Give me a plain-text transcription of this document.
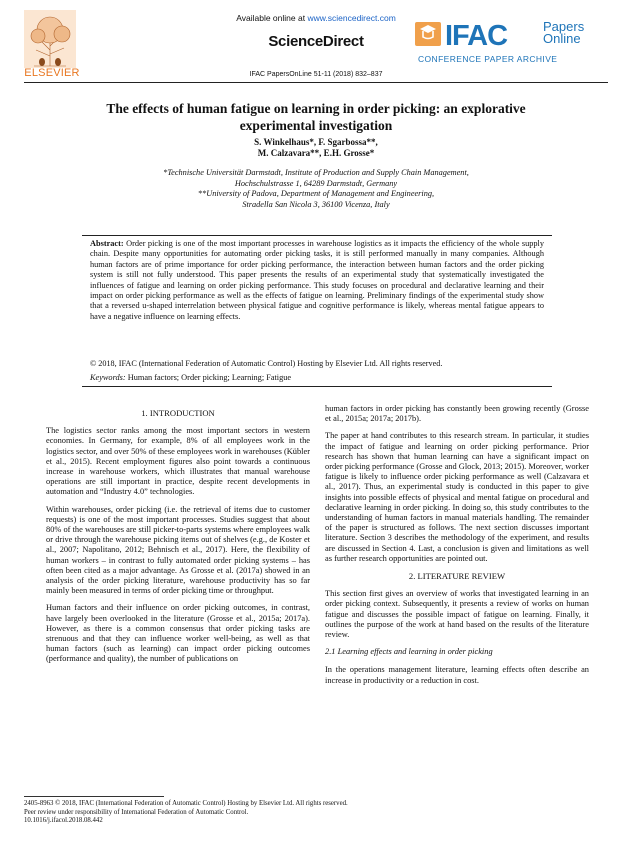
ELSEVIER
Available online at www.sciencedirect.com
ScienceDirect
IFAC PapersOnLine 51-11 (2018) 832–837
IFAC	Papers
Online
CONFERENCE PAPER ARCHIVE
The effects of human fatigue on learning in order picking: an explorative
experimental investigation
S. Winkelhaus*, F. Sgarbossa**,
M. Calzavara**, E.H. Grosse*
*Technische Universität Darmstadt, Institute of Production and Supply Chain Management,
Hochschulstrasse 1, 64289 Darmstadt, Germany
**University of Padova, Department of Management and Engineering,
Stradella San Nicola 3, 36100 Vicenza, Italy
Abstract: Order picking is one of the most important processes in warehouse logistics as it impacts the efficiency of the whole supply chain. Despite many opportunities for automating order picking tasks, it is still performed manually in many companies. Although human factors are of prime importance for order picking performance, the interaction between human factors and the order picking system is still not fully understood. This paper presents the results of an experimental study that systematically investigated the influences of fatigue and learning on order picking performance. This study focuses on procedural and declarative learning and their impact on order picking performance as well as the effects of fatigue on learning. Preliminary findings of the experimental study show that a reversed u-shaped interrelation between physical fatigue and cognitive performance is likely, whereas mental fatigue appears to have a negative influence on learning effects.
© 2018, IFAC (International Federation of Automatic Control) Hosting by Elsevier Ltd. All rights reserved.
Keywords: Human factors; Order picking; Learning; Fatigue

1. INTRODUCTION

The logistics sector ranks among the most important sectors in western economies. In Germany, for example, 8% of all employees work in the logistics sector, and over 50% of these employees work in warehouses (Kübler et al., 2015). Recent employment figures also point towards a continuous increase in warehouse workers, which illustrates that manual warehouse operations are still important in practice, despite recent developments in automation and “Industry 4.0” technologies.

Within warehouses, order picking (i.e. the retrieval of items due to customer requests) is one of the most important processes. Studies suggest that about 80% of the warehouses are still picker-to-parts systems where employees walk or drive through the warehouse picking items out of shelves (e.g., de Koster et al., 2007; Napolitano, 2012; Behnisch et al., 2017). Here, the flexibility of human workers – in contrast to fully automated order picking systems – has often been cited as a major advantage. As Grosse et al. (2017a) showed in an analysis of the order picking literature, warehouse productivity has so far mainly been measured in terms of order picking time or throughput.

Human factors and their influence on order picking outcomes, in contrast, have largely been overlooked in the literature (Grosse et al., 2015a; 2017a). However, as there is a common consensus that order picking tasks are strenuous and that they can influence worker well-being, as well as that human factors (such as learning) can impact order picking outcomes (performance and quality), the number of publications on

human factors in order picking has constantly been growing recently (Grosse et al., 2015a; 2017a; 2017b).

The paper at hand contributes to this research stream. In particular, it studies the impact of fatigue and learning on order picking performance. Prior research has shown that human learning can have a significant impact on order picking performance (Grosse and Glock, 2013; 2015). Moreover, worker fatigue is likely to influence order picking performance as well (Calzavara et al., 2017). Thus, an experimental study is conducted in this paper to give insights into possible effects of physical and mental fatigue on procedural and declarative learning in order picking. In doing so, this study contributes to the understanding of human factors in manual materials handling. The remainder of the paper is structured as follows. The next section discusses important literature. Section 3 describes the methodology of the experiment, and results are discussed in Section 4. Last, a conclusion is given and limitations as well as further research opportunities are pointed out.

2. LITERATURE REVIEW

This section first gives an overview of works that investigated learning in an order picking context. Subsequently, it presents a review of works on human fatigue and discusses the possible impact of fatigue on learning. Finally, it outlines the purpose of the work at hand based on the results of the literature review.

2.1 Learning effects and learning in order picking

In the operations management literature, learning effects often describe an increase in productivity or a reduction in cost.

2405-8963 © 2018, IFAC (International Federation of Automatic Control) Hosting by Elsevier Ltd. All rights reserved.
Peer review under responsibility of International Federation of Automatic Control.
10.1016/j.ifacol.2018.08.442
